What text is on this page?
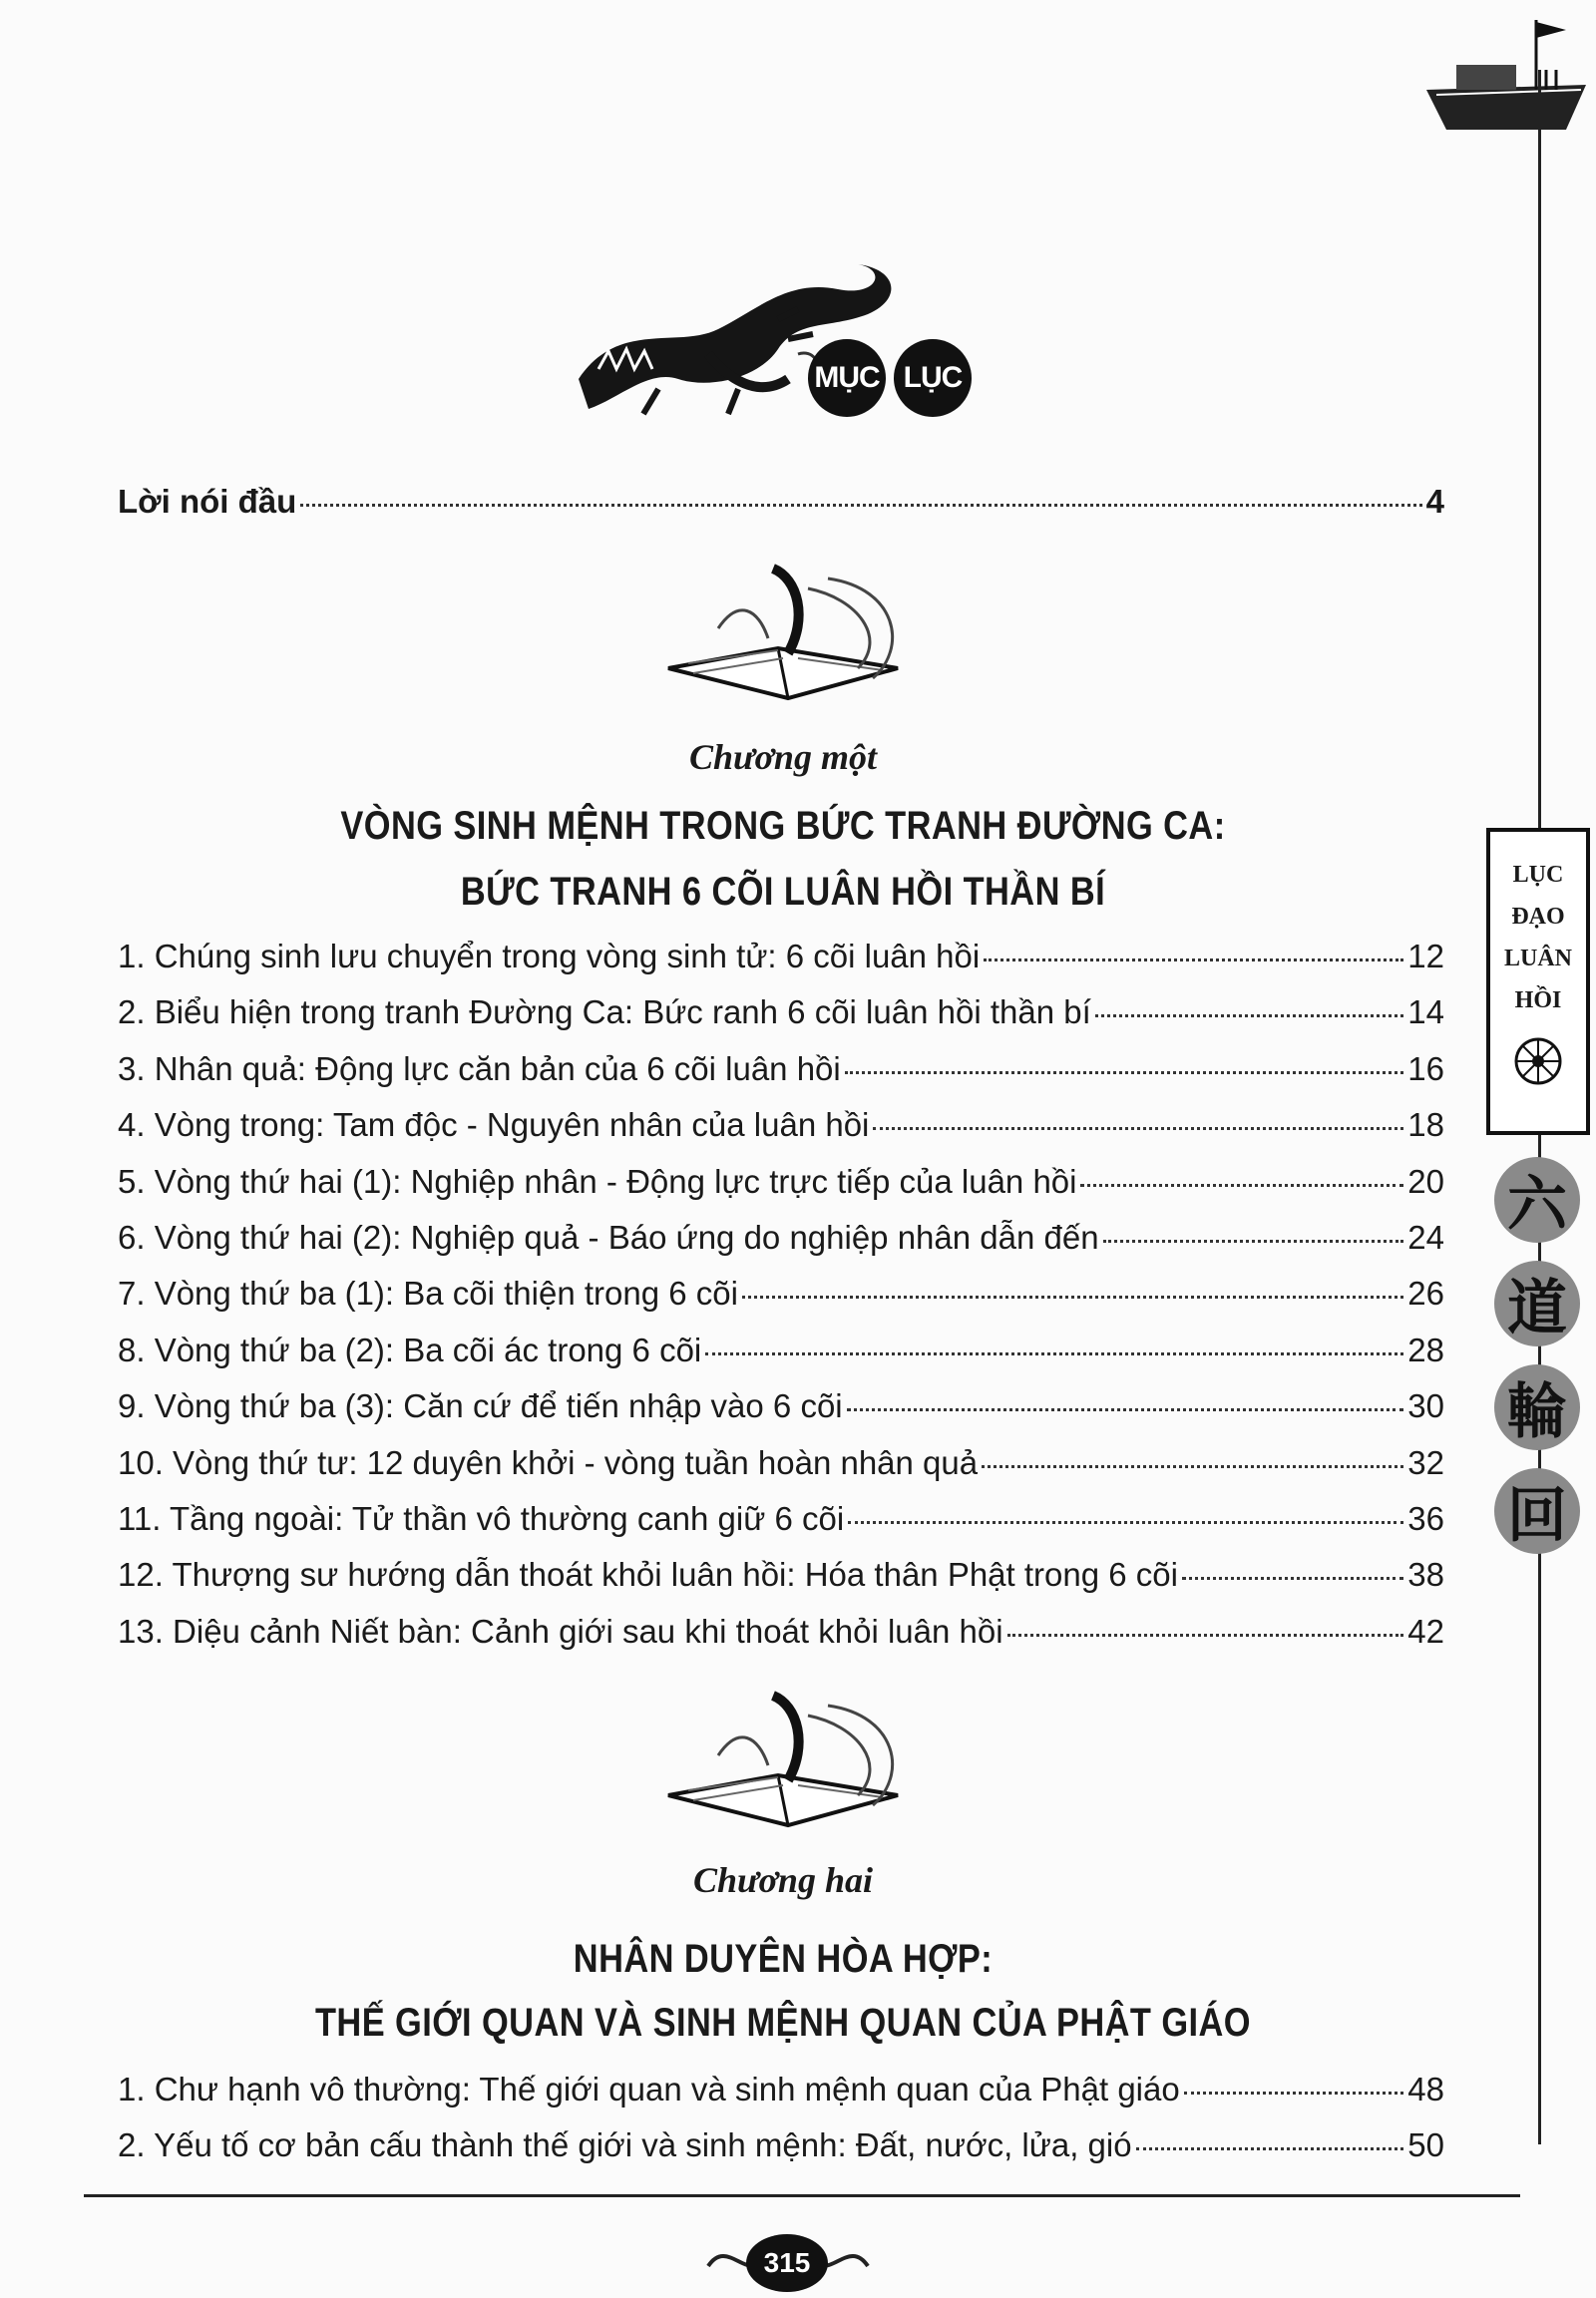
MỤC LỤC
Lời nói đầu	4
Chương một
VÒNG SINH MỆNH TRONG BỨC TRANH ĐƯỜNG CA:
BỨC TRANH 6 CÕI LUÂN HỒI THẦN BÍ
1. Chúng sinh lưu chuyển trong vòng sinh tử: 6 cõi luân hồi	12
2. Biểu hiện trong tranh Đường Ca: Bức ranh 6 cõi luân hồi thần bí	14
3. Nhân quả: Động lực căn bản của 6 cõi luân hồi	16
4. Vòng trong: Tam độc - Nguyên nhân của luân hồi	18
5. Vòng thứ hai (1): Nghiệp nhân - Động lực trực tiếp của luân hồi	20
6. Vòng thứ hai (2): Nghiệp quả - Báo ứng do nghiệp nhân dẫn đến	24
7. Vòng thứ ba (1): Ba cõi thiện trong 6 cõi	26
8. Vòng thứ ba (2): Ba cõi ác trong 6 cõi	28
9. Vòng thứ ba (3): Căn cứ để tiến nhập vào 6 cõi	30
10. Vòng thứ tư: 12 duyên khởi - vòng tuần hoàn nhân quả	32
11. Tầng ngoài: Tử thần vô thường canh giữ 6 cõi	36
12. Thượng sư hướng dẫn thoát khỏi luân hồi: Hóa thân Phật trong 6 cõi	38
13. Diệu cảnh Niết bàn: Cảnh giới sau khi thoát khỏi luân hồi	42
Chương hai
NHÂN DUYÊN HÒA HỢP:
THẾ GIỚI QUAN VÀ SINH MỆNH QUAN CỦA PHẬT GIÁO
1. Chư hạnh vô thường: Thế giới quan và sinh mệnh quan của Phật giáo	48
2. Yếu tố cơ bản cấu thành thế giới và sinh mệnh: Đất, nước, lửa, gió	50
LỤC
ĐẠO
LUÂN
HỒI
六
道
輪
回
315
